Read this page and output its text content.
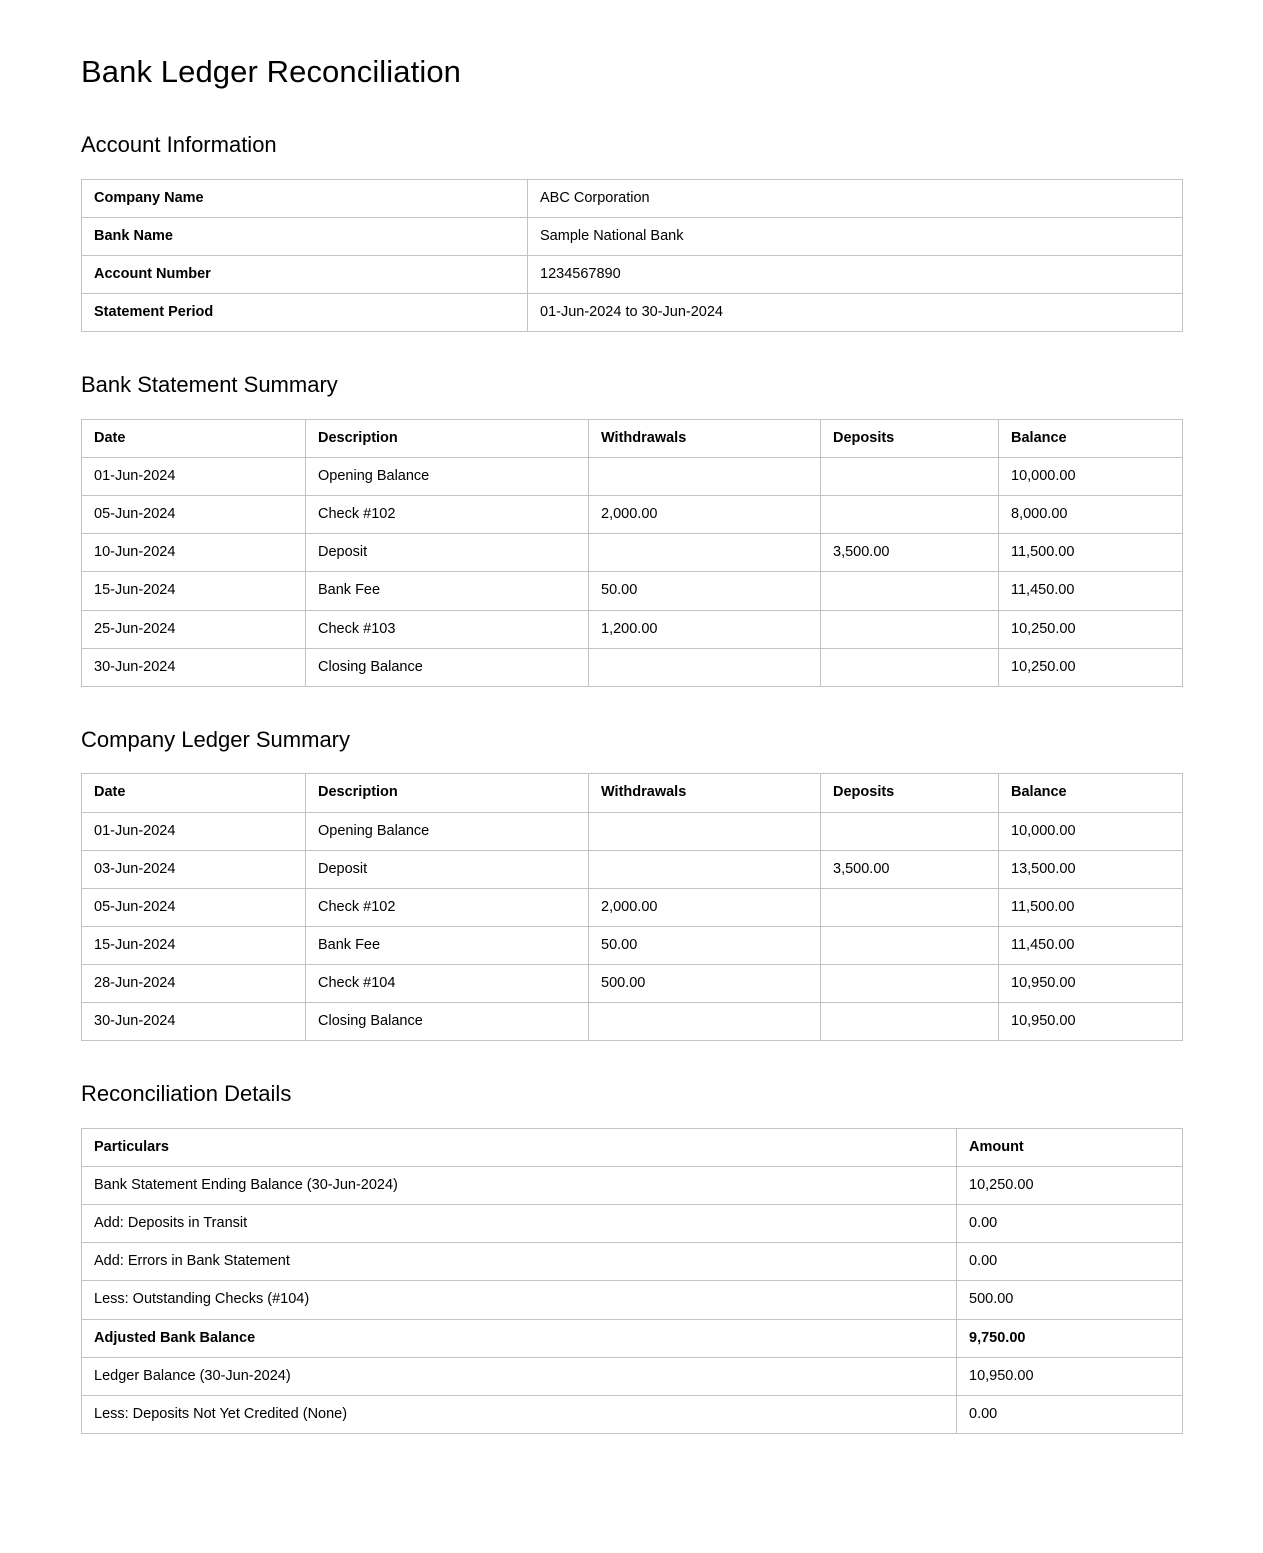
Bank Ledger Reconciliation
Account Information
Company Name	ABC Corporation
Bank Name	Sample National Bank
Account Number	1234567890
Statement Period	01-Jun-2024 to 30-Jun-2024
Bank Statement Summary
Date	Description	Withdrawals	Deposits	Balance
01-Jun-2024	Opening Balance			10,000.00
05-Jun-2024	Check #102	2,000.00		8,000.00
10-Jun-2024	Deposit		3,500.00	11,500.00
15-Jun-2024	Bank Fee	50.00		11,450.00
25-Jun-2024	Check #103	1,200.00		10,250.00
30-Jun-2024	Closing Balance			10,250.00
Company Ledger Summary
Date	Description	Withdrawals	Deposits	Balance
01-Jun-2024	Opening Balance			10,000.00
03-Jun-2024	Deposit		3,500.00	13,500.00
05-Jun-2024	Check #102	2,000.00		11,500.00
15-Jun-2024	Bank Fee	50.00		11,450.00
28-Jun-2024	Check #104	500.00		10,950.00
30-Jun-2024	Closing Balance			10,950.00
Reconciliation Details
Particulars	Amount
Bank Statement Ending Balance (30-Jun-2024)	10,250.00
Add: Deposits in Transit	0.00
Add: Errors in Bank Statement	0.00
Less: Outstanding Checks (#104)	500.00
Adjusted Bank Balance	9,750.00
Ledger Balance (30-Jun-2024)	10,950.00
Less: Deposits Not Yet Credited (None)	0.00
